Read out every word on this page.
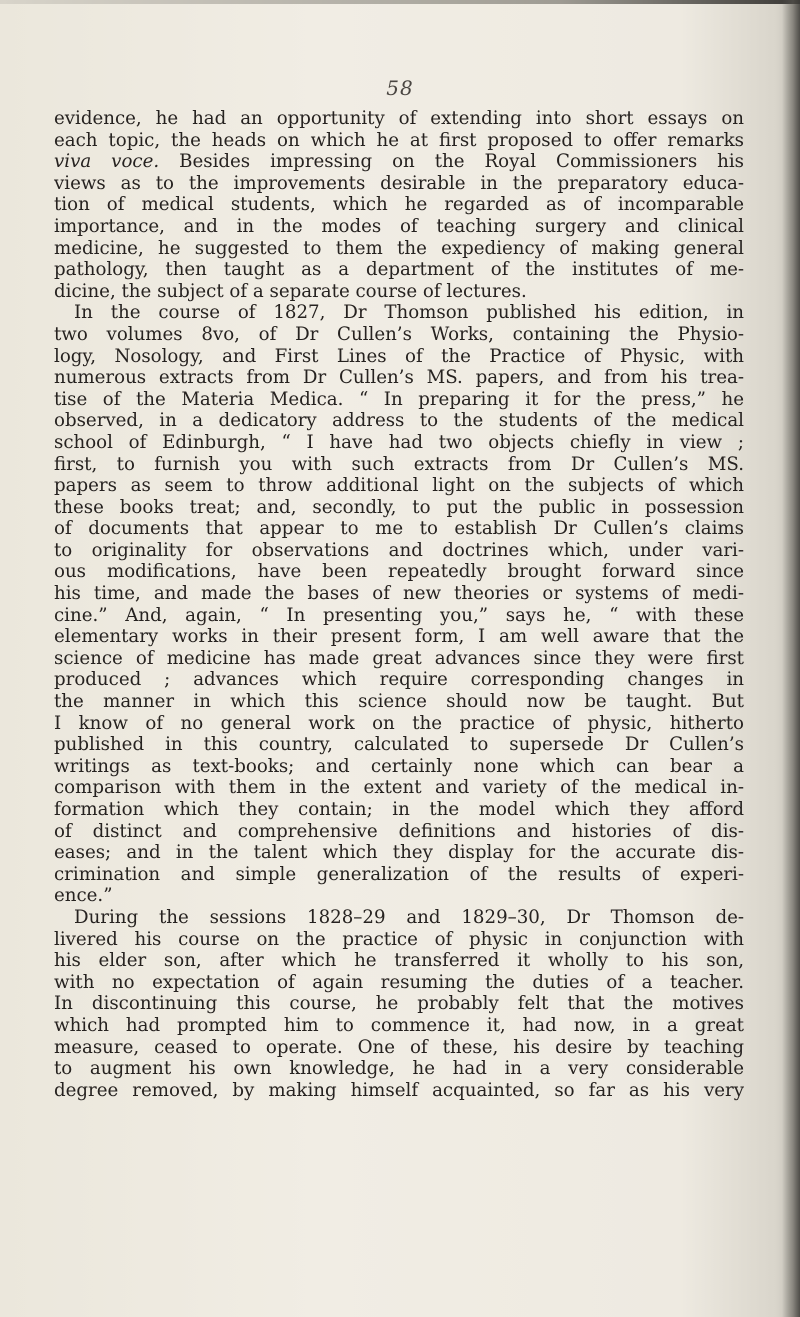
58
evidence, he had an opportunity of extending into short essays on
each topic, the heads on which he at first proposed to offer remarks
viva voce. Besides impressing on the Royal Commissioners his
views as to the improvements desirable in the preparatory educa-
tion of medical students, which he regarded as of incomparable
importance, and in the modes of teaching surgery and clinical
medicine, he suggested to them the expediency of making general
pathology, then taught as a department of the institutes of me-
dicine, the subject of a separate course of lectures.
In the course of 1827, Dr Thomson published his edition, in
two volumes 8vo, of Dr Cullen’s Works, containing the Physio-
logy, Nosology, and First Lines of the Practice of Physic, with
numerous extracts from Dr Cullen’s MS. papers, and from his trea-
tise of the Materia Medica. “ In preparing it for the press,” he
observed, in a dedicatory address to the students of the medical
school of Edinburgh, “ I have had two objects chiefly in view ;
first, to furnish you with such extracts from Dr Cullen’s MS.
papers as seem to throw additional light on the subjects of which
these books treat; and, secondly, to put the public in possession
of documents that appear to me to establish Dr Cullen’s claims
to originality for observations and doctrines which, under vari-
ous modifications, have been repeatedly brought forward since
his time, and made the bases of new theories or systems of medi-
cine.” And, again, “ In presenting you,” says he, “ with these
elementary works in their present form, I am well aware that the
science of medicine has made great advances since they were first
produced ; advances which require corresponding changes in
the manner in which this science should now be taught. But
I know of no general work on the practice of physic, hitherto
published in this country, calculated to supersede Dr Cullen’s
writings as text-books; and certainly none which can bear a
comparison with them in the extent and variety of the medical in-
formation which they contain; in the model which they afford
of distinct and comprehensive definitions and histories of dis-
eases; and in the talent which they display for the accurate dis-
crimination and simple generalization of the results of experi-
ence.”
During the sessions 1828–29 and 1829–30, Dr Thomson de-
livered his course on the practice of physic in conjunction with
his elder son, after which he transferred it wholly to his son,
with no expectation of again resuming the duties of a teacher.
In discontinuing this course, he probably felt that the motives
which had prompted him to commence it, had now, in a great
measure, ceased to operate. One of these, his desire by teaching
to augment his own knowledge, he had in a very considerable
degree removed, by making himself acquainted, so far as his very
